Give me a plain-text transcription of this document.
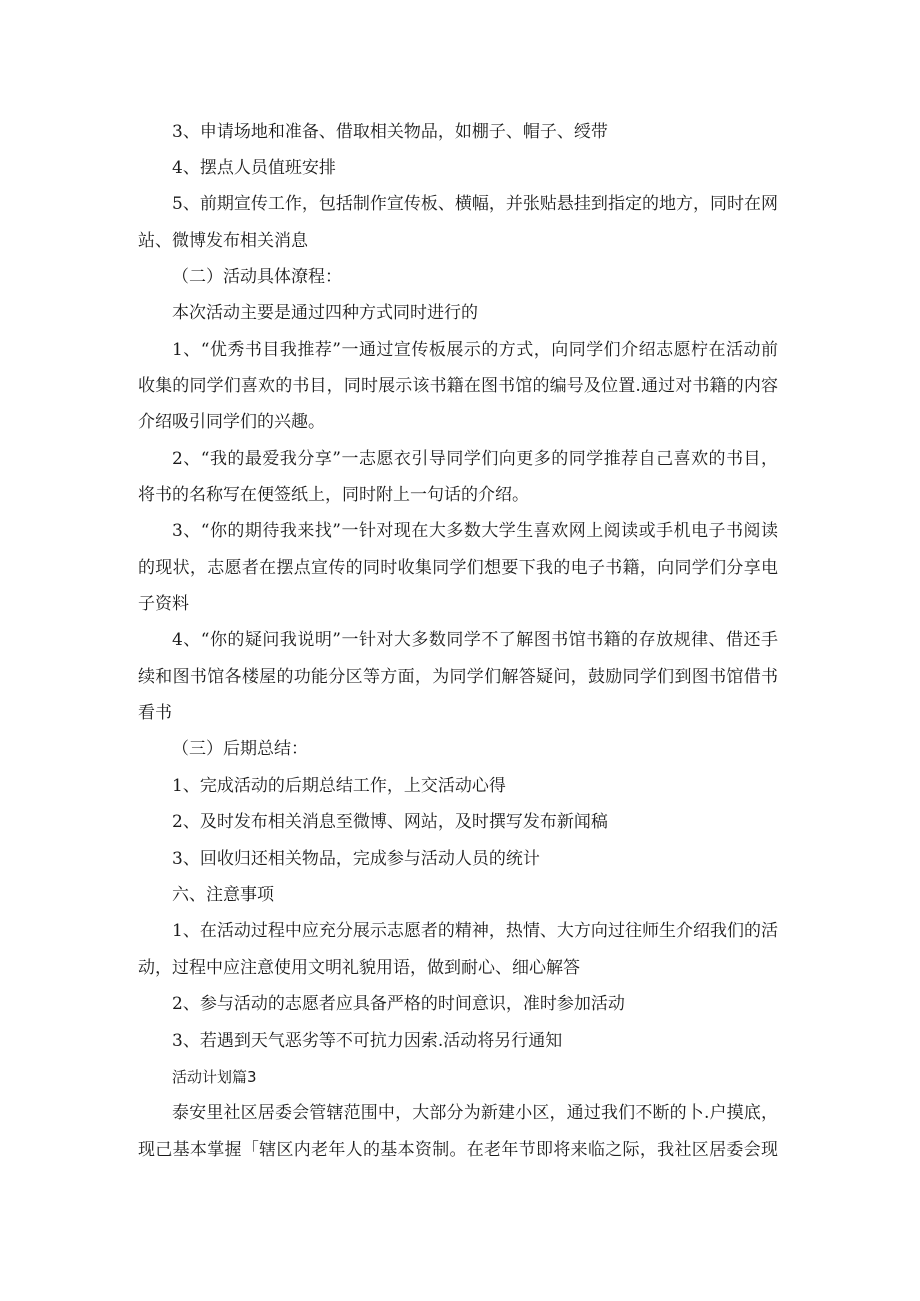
3、申请场地和准备、借取相关物品，如棚子、帽子、绶带

4、摆点人员值班安排

5、前期宣传工作，包括制作宣传板、横幅，并张贴悬挂到指定的地方，同时在网

站、微博发布相关消息

（二）活动具体潦程：

本次活动主要是通过四种方式同时进行的

1、“优秀书目我推荐”一通过宣传板展示的方式，向同学们介绍志愿柠在活动前

收集的同学们喜欢的书目，同时展示该书籍在图书馆的编号及位置.通过对书籍的内容

介绍吸引同学们的兴趣。

2、“我的最爱我分享”一志愿衣引导同学们向更多的同学推荐自己喜欢的书目，

将书的名称写在便签纸上，同时附上一句话的介绍。

3、“你的期待我来找”一针对现在大多数大学生喜欢网上阅读或手机电子书阅读

的现状，志愿者在摆点宣传的同时收集同学们想要下我的电子书籍，向同学们分享电

子资料

4、“你的疑问我说明”一针对大多数同学不了解图书馆书籍的存放规律、借还手

续和图书馆各楼屋的功能分区等方面，为同学们解答疑问，鼓励同学们到图书馆借书

看书

（三）后期总结：

1、完成活动的后期总结工作，上交活动心得

2、及时发布相关消息至微博、网站，及时撰写发布新闻稿

3、回收归还相关物品，完成参与活动人员的统计

六、注意事项

1、在活动过程中应充分展示志愿者的精神，热情、大方向过往师生介绍我们的活

动，过程中应注意使用文明礼貌用语，做到耐心、细心解答

2、参与活动的志愿者应具备严格的时间意识，准时参加活动

3、若遇到天气恶劣等不可抗力因索.活动将另行通知

活动计划篇3

泰安里社区居委会管辖范围中，大部分为新建小区，通过我们不断的卜.户摸底，

现己基本掌握「辖区内老年人的基本资制。在老年节即将来临之际，我社区居委会现
